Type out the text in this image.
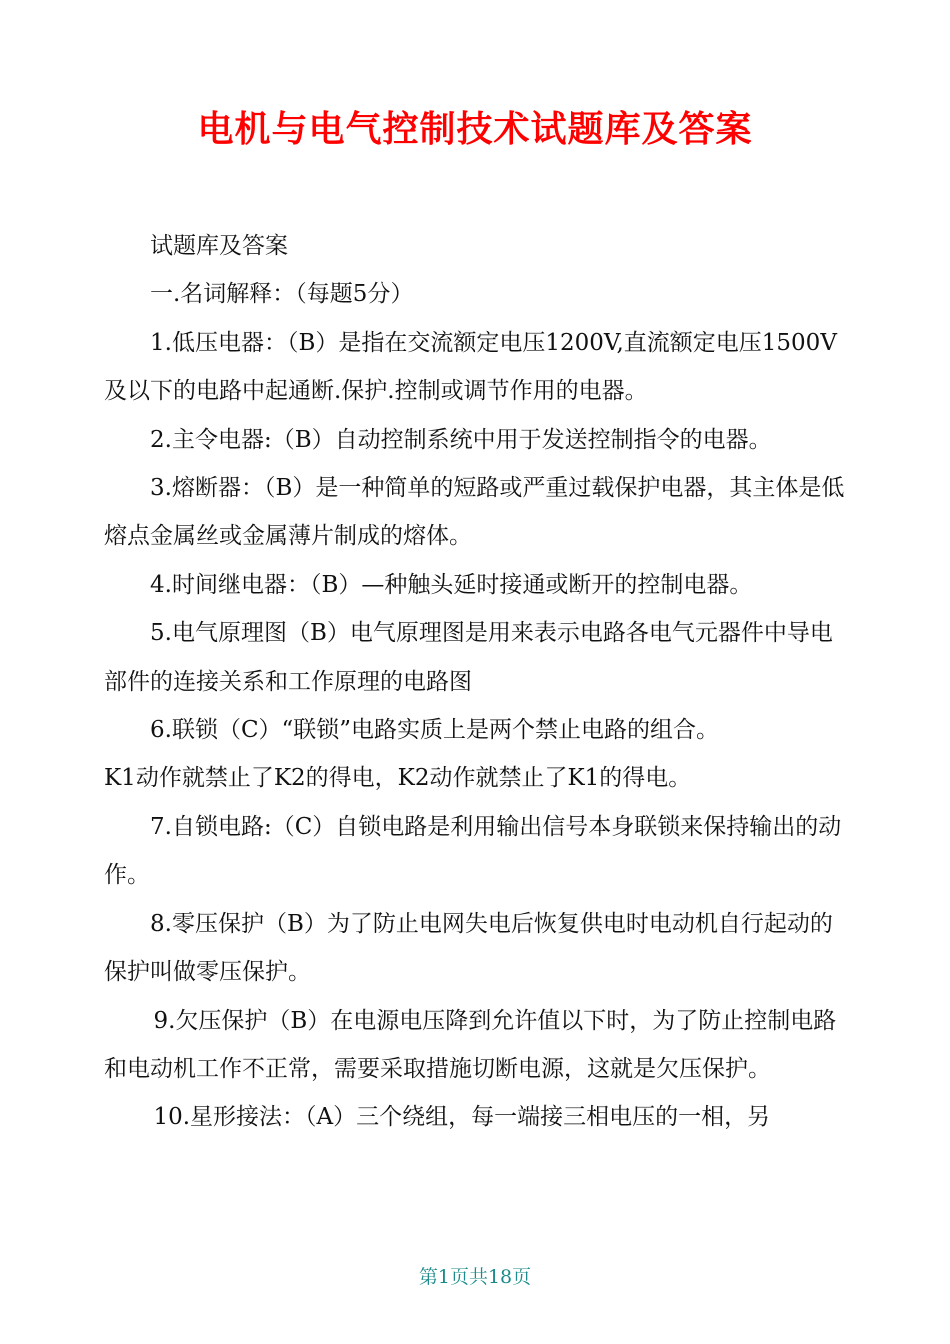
电机与电气控制技术试题库及答案

试题库及答案

一.名词解释：（每题5分）

1.低压电器：（B）是指在交流额定电压1200V,直流额定电压1500V及以下的电路中起通断.保护.控制或调节作用的电器。

2.主令电器:（B）自动控制系统中用于发送控制指令的电器。

3.熔断器：（B）是一种简单的短路或严重过载保护电器，其主体是低熔点金属丝或金属薄片制成的熔体。

4.时间继电器：（B）—种触头延时接通或断开的控制电器。

5.电气原理图（B）电气原理图是用来表示电路各电气元器件中导电部件的连接关系和工作原理的电路图

6.联锁（C）“联锁”电路实质上是两个禁止电路的组合。

K1动作就禁止了K2的得电，K2动作就禁止了K1的得电。

7.自锁电路:（C）自锁电路是利用输出信号本身联锁来保持输出的动作。

8.零压保护（B）为了防止电网失电后恢复供电时电动机自行起动的保护叫做零压保护。

9.欠压保护（B）在电源电压降到允许值以下时，为了防止控制电路和电动机工作不正常，需要采取措施切断电源，这就是欠压保护。

10.星形接法：（A）三个绕组，每一端接三相电压的一相，另

第1页共18页
